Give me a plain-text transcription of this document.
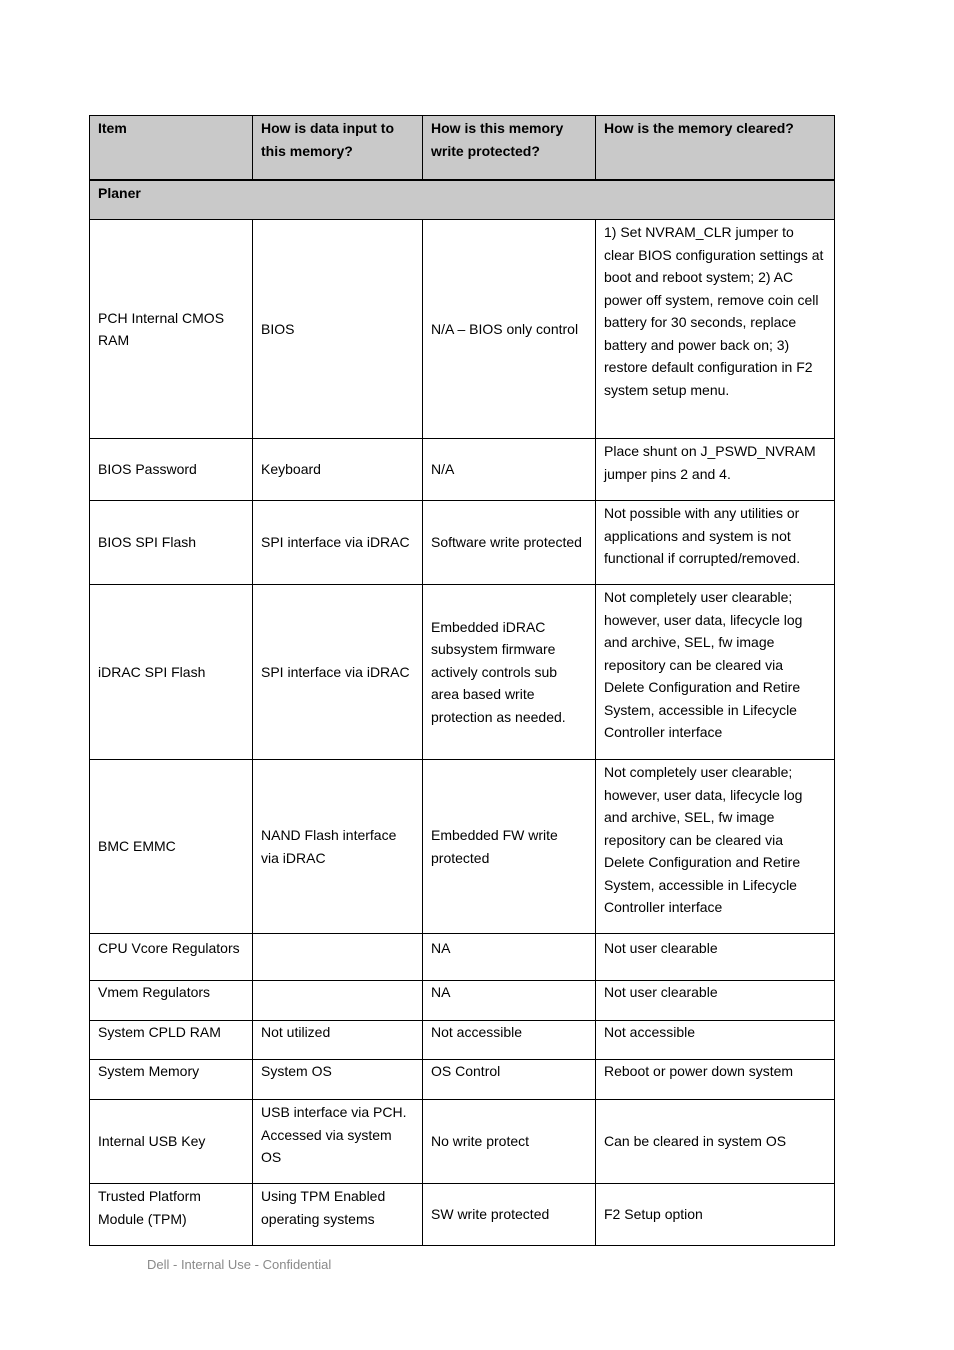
Item	How is data input to this memory?	How is this memory write protected?	How is the memory cleared?
Planer			
PCH Internal CMOS RAM	BIOS	N/A – BIOS only control	1) Set NVRAM_CLR jumper to clear BIOS configuration settings at boot and reboot system; 2) AC power off system, remove coin cell battery for 30 seconds, replace battery and power back on; 3) restore default configuration in F2 system setup menu.
BIOS Password	Keyboard	N/A	Place shunt on J_PSWD_NVRAM jumper pins 2 and 4.
BIOS SPI Flash	SPI interface via iDRAC	Software write protected	Not possible with any utilities or applications and system is not functional if corrupted/removed.
iDRAC SPI Flash	SPI interface via iDRAC	Embedded iDRAC subsystem firmware actively controls sub area based write protection as needed.	Not completely user clearable; however, user data, lifecycle log and archive, SEL, fw image repository can be cleared via Delete Configuration and Retire System, accessible in Lifecycle Controller interface
BMC EMMC	NAND Flash interface via iDRAC	Embedded FW write protected	Not completely user clearable; however, user data, lifecycle log and archive, SEL, fw image repository can be cleared via Delete Configuration and Retire System, accessible in Lifecycle Controller interface
CPU Vcore Regulators		NA	Not user clearable
Vmem Regulators		NA	Not user clearable
System CPLD RAM	Not utilized	Not accessible	Not accessible
System Memory	System OS	OS Control	Reboot or power down system
Internal USB Key	USB interface via PCH. Accessed via system OS	No write protect	Can be cleared in system OS
Trusted Platform Module (TPM)	Using TPM Enabled operating systems	SW write protected	F2 Setup option
Dell - Internal Use - Confidential
